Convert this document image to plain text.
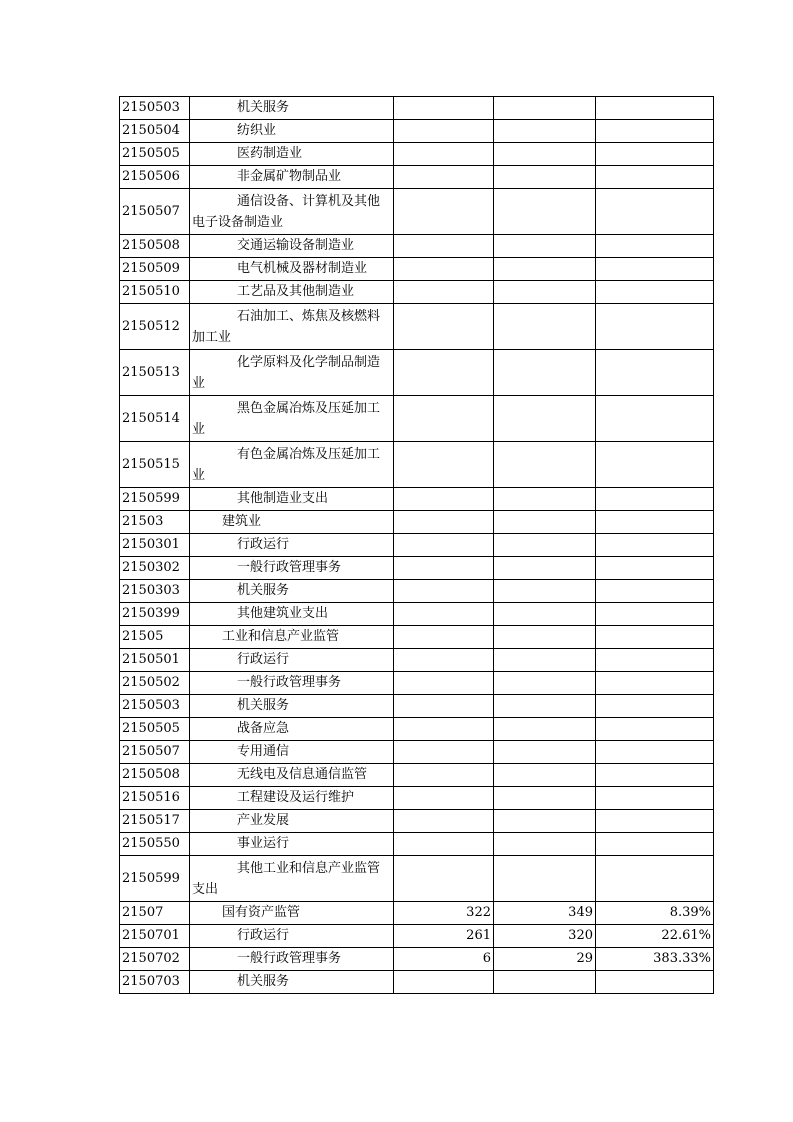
2150503	机关服务			
2150504	纺织业			
2150505	医药制造业			
2150506	非金属矿物制品业			
2150507	通信设备、计算机及其他电子设备制造业			
2150508	交通运输设备制造业			
2150509	电气机械及器材制造业			
2150510	工艺品及其他制造业			
2150512	石油加工、炼焦及核燃料加工业			
2150513	化学原料及化学制品制造业			
2150514	黑色金属冶炼及压延加工业			
2150515	有色金属冶炼及压延加工业			
2150599	其他制造业支出			
21503	建筑业			
2150301	行政运行			
2150302	一般行政管理事务			
2150303	机关服务			
2150399	其他建筑业支出			
21505	工业和信息产业监管			
2150501	行政运行			
2150502	一般行政管理事务			
2150503	机关服务			
2150505	战备应急			
2150507	专用通信			
2150508	无线电及信息通信监管			
2150516	工程建设及运行维护			
2150517	产业发展			
2150550	事业运行			
2150599	其他工业和信息产业监管支出			
21507	国有资产监管	322	349	8.39%
2150701	行政运行	261	320	22.61%
2150702	一般行政管理事务	6	29	383.33%
2150703	机关服务			
